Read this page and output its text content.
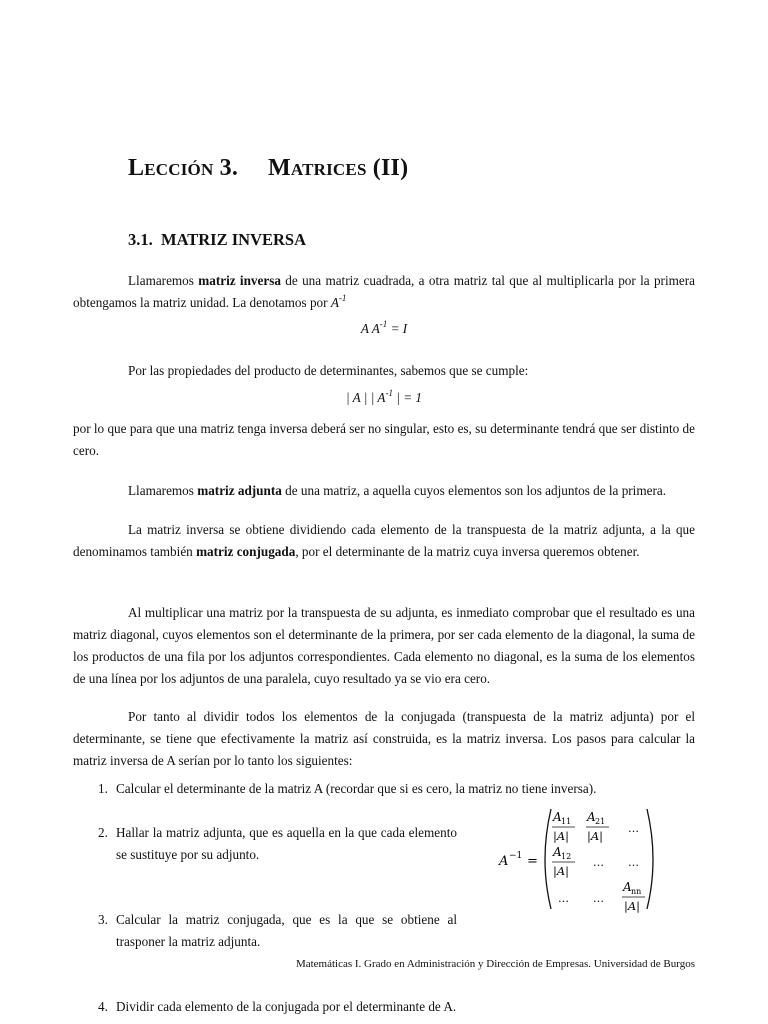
Lección 3. Matrices (II)
3.1. MATRIZ INVERSA
Llamaremos matriz inversa de una matriz cuadrada, a otra matriz tal que al multiplicarla por la primera obtengamos la matriz unidad. La denotamos por $A^{-1}$
A $A^{-1} = I$
Por las propiedades del producto de determinantes, sabemos que se cumple:
| A | | $A^{-1}$ | = 1
por lo que para que una matriz tenga inversa deberá ser no singular, esto es, su determinante tendrá que ser distinto de cero.
Llamaremos matriz adjunta de una matriz, a aquella cuyos elementos son los adjuntos de la primera.
La matriz inversa se obtiene dividiendo cada elemento de la transpuesta de la matriz adjunta, a la que denominamos también matriz conjugada, por el determinante de la matriz cuya inversa queremos obtener.
Al multiplicar una matriz por la transpuesta de su adjunta, es inmediato comprobar que el resultado es una matriz diagonal, cuyos elementos son el determinante de la primera, por ser cada elemento de la diagonal, la suma de los productos de una fila por los adjuntos correspondientes. Cada elemento no diagonal, es la suma de los elementos de una línea por los adjuntos de una paralela, cuyo resultado ya se vio era cero.
Por tanto al dividir todos los elementos de la conjugada (transpuesta de la matriz adjunta) por el determinante, se tiene que efectivamente la matriz así construida, es la matriz inversa. Los pasos para calcular la matriz inversa de A serían por lo tanto los siguientes:
1. Calcular el determinante de la matriz A (recordar que si es cero, la matriz no tiene inversa).
2. Hallar la matriz adjunta, que es aquella en la que cada elemento se sustituye por su adjunto.
3. Calcular la matriz conjugada, que es la que se obtiene al trasponer la matriz adjunta.
4. Dividir cada elemento de la conjugada por el determinante de A.
A −1 =
A 11
|A|
A 21
|A|
…
A 12
|A|
… …
… …
A nn
|A|
Matemáticas I. Grado en Administración y Dirección de Empresas. Universidad de Burgos
